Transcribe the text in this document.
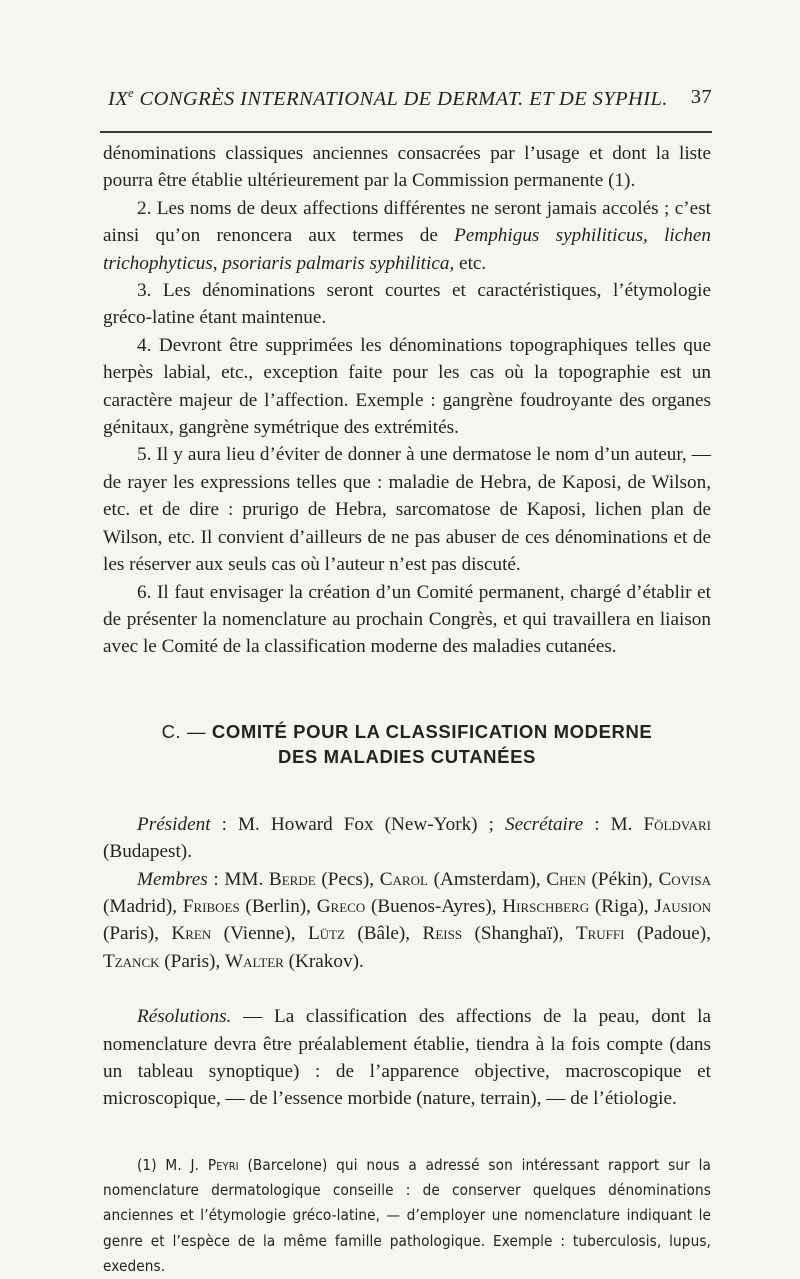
IXe CONGRÈS INTERNATIONAL DE DERMAT. ET DE SYPHIL. 37

dénominations classiques anciennes consacrées par l’usage et dont la liste pourra être établie ultérieurement par la Commission permanente (1).

2. Les noms de deux affections différentes ne seront jamais accolés ; c’est ainsi qu’on renoncera aux termes de Pemphigus syphiliticus, lichen trichophyticus, psoriaris palmaris syphilitica, etc.

3. Les dénominations seront courtes et caractéristiques, l’étymologie gréco-latine étant maintenue.

4. Devront être supprimées les dénominations topographiques telles que herpès labial, etc., exception faite pour les cas où la topographie est un caractère majeur de l’affection. Exemple : gangrène foudroyante des organes génitaux, gangrène symétrique des extrémités.

5. Il y aura lieu d’éviter de donner à une dermatose le nom d’un auteur, — de rayer les expressions telles que : maladie de Hebra, de Kaposi, de Wilson, etc. et de dire : prurigo de Hebra, sarcomatose de Kaposi, lichen plan de Wilson, etc. Il convient d’ailleurs de ne pas abuser de ces dénominations et de les réserver aux seuls cas où l’auteur n’est pas discuté.

6. Il faut envisager la création d’un Comité permanent, chargé d’établir et de présenter la nomenclature au prochain Congrès, et qui travaillera en liaison avec le Comité de la classification moderne des maladies cutanées.

C. — COMITÉ POUR LA CLASSIFICATION MODERNE
DES MALADIES CUTANÉES

Président : M. Howard Fox (New-York) ; Secrétaire : M. Földvari (Budapest).

Membres : MM. Berde (Pecs), Carol (Amsterdam), Chen (Pékin), Covisa (Madrid), Friboes (Berlin), Greco (Buenos-Ayres), Hirschberg (Riga), Jausion (Paris), Kren (Vienne), Lütz (Bâle), Reiss (Shanghaï), Truffi (Padoue), Tzanck (Paris), Walter (Krakov).

Résolutions. — La classification des affections de la peau, dont la nomenclature devra être préalablement établie, tiendra à la fois compte (dans un tableau synoptique) : de l’apparence objective, macroscopique et microscopique, — de l’essence morbide (nature, terrain), — de l’étiologie.

(1) M. J. Peyri (Barcelone) qui nous a adressé son intéressant rapport sur la nomenclature dermatologique conseille : de conserver quelques dénominations anciennes et l’étymologie gréco-latine, — d’employer une nomenclature indiquant le genre et l’espèce de la même famille pathologique. Exemple : tuberculosis, lupus, exedens.
